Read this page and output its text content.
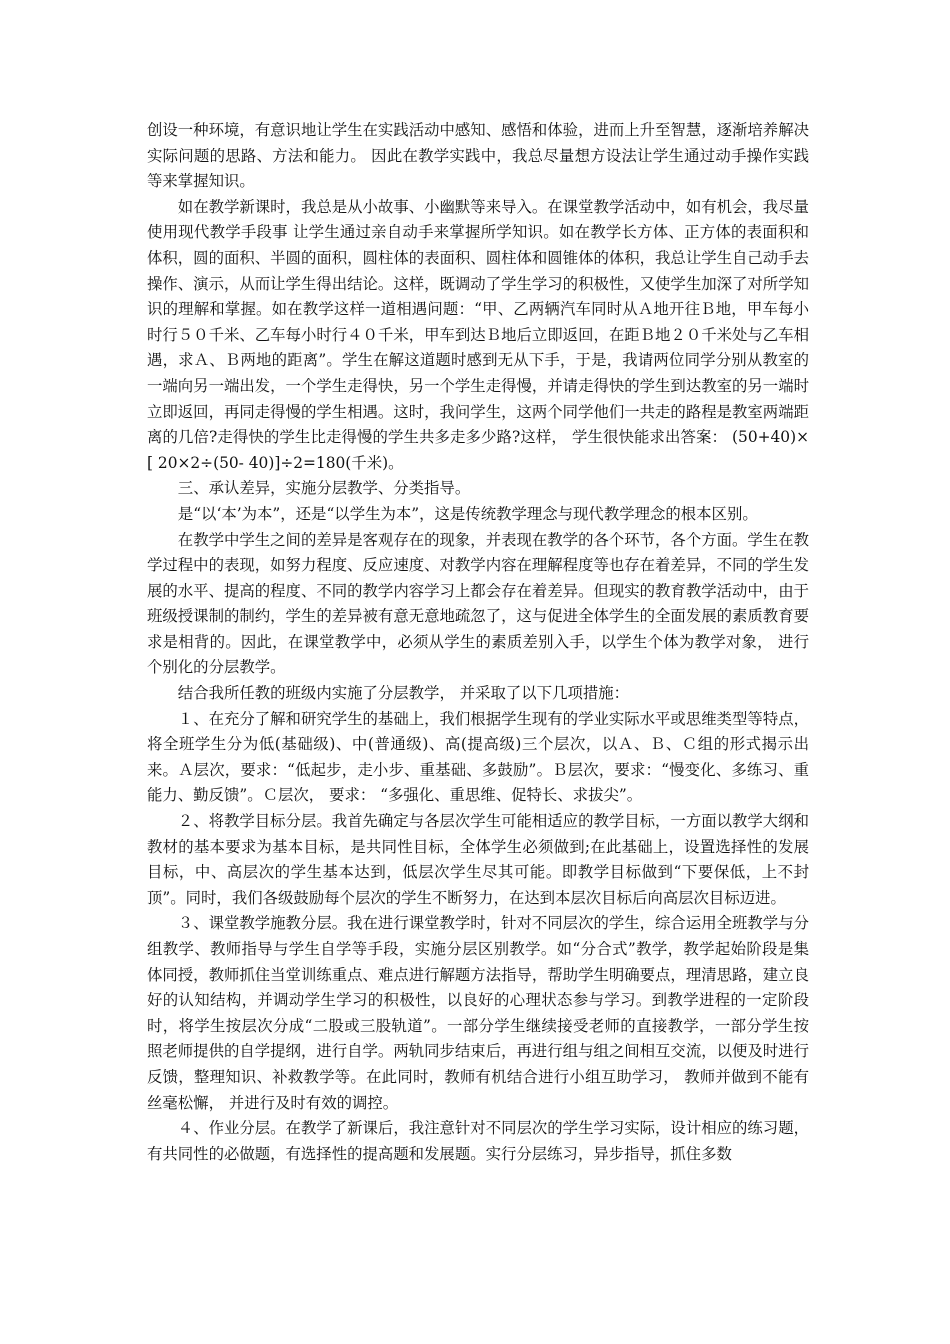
创设一种环境，有意识地让学生在实践活动中感知、感悟和体验，进而上升至智慧，逐渐培养解决实际问题的思路、方法和能力。 因此在教学实践中，我总尽量想方设法让学生通过动手操作实践等来掌握知识。

如在教学新课时，我总是从小故事、小幽默等来导入。在课堂教学活动中，如有机会，我尽量使用现代教学手段事 让学生通过亲自动手来掌握所学知识。如在教学长方体、正方体的表面积和体积，圆的面积、半圆的面积，圆柱体的表面积、圆柱体和圆锥体的体积，我总让学生自己动手去操作、演示，从而让学生得出结论。这样，既调动了学生学习的积极性，又使学生加深了对所学知识的理解和掌握。如在教学这样一道相遇问题：“甲、乙两辆汽车同时从Ａ地开往Ｂ地，甲车每小时行５０千米、乙车每小时行４０千米，甲车到达Ｂ地后立即返回，在距Ｂ地２０千米处与乙车相遇，求Ａ、Ｂ两地的距离”。学生在解这道题时感到无从下手，于是，我请两位同学分别从教室的一端向另一端出发，一个学生走得快，另一个学生走得慢，并请走得快的学生到达教室的另一端时立即返回，再同走得慢的学生相遇。这时，我问学生，这两个同学他们一共走的路程是教室两端距离的几倍?走得快的学生比走得慢的学生共多走多少路?这样， 学生很快能求出答案： (50+40)×[ 20×2÷(50- 40)]÷2=180(千米)。

三、承认差异，实施分层教学、分类指导。

是“以‘本’为本”，还是“以学生为本”，这是传统教学理念与现代教学理念的根本区别。

在教学中学生之间的差异是客观存在的现象，并表现在教学的各个环节，各个方面。学生在教学过程中的表现，如努力程度、反应速度、对教学内容在理解程度等也存在着差异，不同的学生发展的水平、提高的程度、不同的教学内容学习上都会存在着差异。但现实的教育教学活动中，由于班级授课制的制约，学生的差异被有意无意地疏忽了，这与促进全体学生的全面发展的素质教育要求是相背的。因此，在课堂教学中，必须从学生的素质差别入手，以学生个体为教学对象， 进行个别化的分层教学。

结合我所任教的班级内实施了分层教学， 并采取了以下几项措施：

１、在充分了解和研究学生的基础上，我们根据学生现有的学业实际水平或思维类型等特点，将全班学生分为低(基础级)、中(普通级)、高(提高级)三个层次，以Ａ、Ｂ、Ｃ组的形式揭示出来。Ａ层次，要求：“低起步，走小步、重基础、多鼓励”。Ｂ层次，要求：“慢变化、多练习、重能力、勤反馈”。Ｃ层次， 要求： “多强化、重思维、促特长、求拔尖”。

２、将教学目标分层。我首先确定与各层次学生可能相适应的教学目标，一方面以教学大纲和教材的基本要求为基本目标，是共同性目标，全体学生必须做到;在此基础上，设置选择性的发展目标，中、高层次的学生基本达到，低层次学生尽其可能。即教学目标做到“下要保低，上不封顶”。同时，我们各级鼓励每个层次的学生不断努力，在达到本层次目标后向高层次目标迈进。

３、课堂教学施教分层。我在进行课堂教学时，针对不同层次的学生，综合运用全班教学与分组教学、教师指导与学生自学等手段，实施分层区别教学。如“分合式”教学，教学起始阶段是集体同授，教师抓住当堂训练重点、难点进行解题方法指导，帮助学生明确要点，理清思路，建立良好的认知结构，并调动学生学习的积极性，以良好的心理状态参与学习。到教学进程的一定阶段时，将学生按层次分成“二股或三股轨道”。一部分学生继续接受老师的直接教学，一部分学生按照老师提供的自学提纲，进行自学。两轨同步结束后，再进行组与组之间相互交流，以便及时进行反馈，整理知识、补救教学等。在此同时，教师有机结合进行小组互助学习， 教师并做到不能有丝毫松懈， 并进行及时有效的调控。

４、作业分层。在教学了新课后，我注意针对不同层次的学生学习实际，设计相应的练习题，有共同性的必做题，有选择性的提高题和发展题。实行分层练习，异步指导，抓住多数
